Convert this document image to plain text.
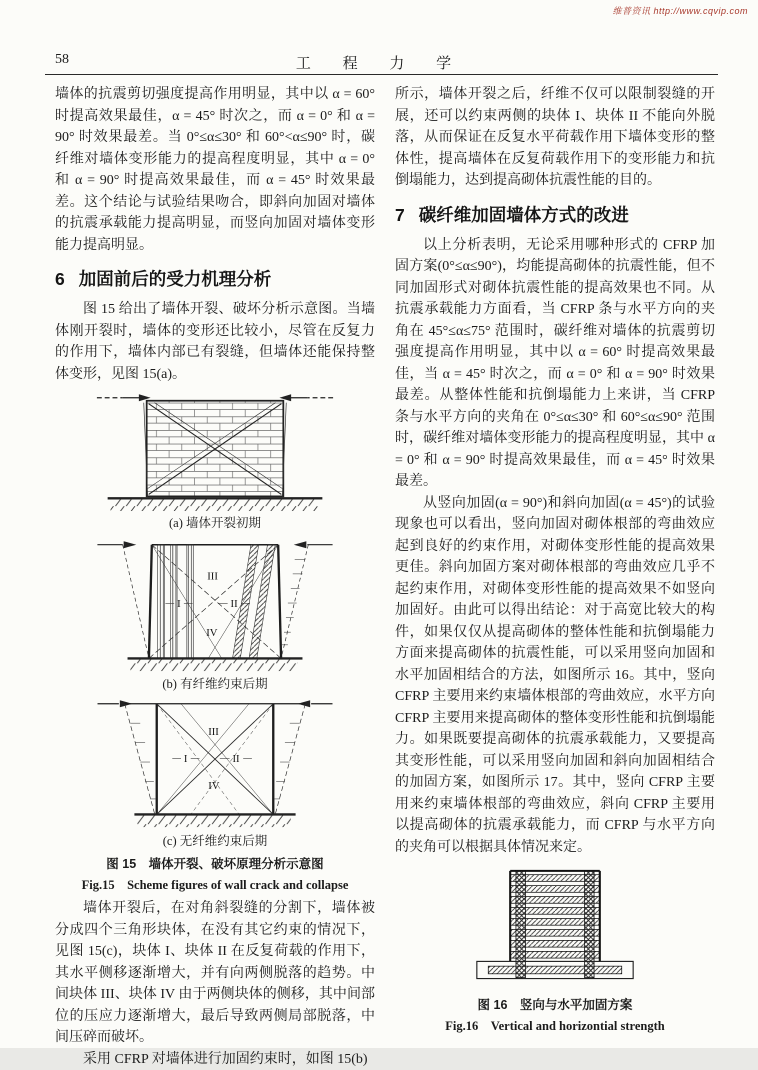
维普资讯 http://www.cqvip.com
58	工 程 力 学

墙体的抗震剪切强度提高作用明显，其中以 α = 60° 时提高效果最佳，α = 45° 时次之，而 α = 0° 和 α = 90° 时效果最差。当 0°≤α≤30° 和 60°<α≤90° 时，碳纤维对墙体变形能力的提高程度明显，其中 α = 0° 和 α = 90° 时提高效果最佳，而 α = 45° 时效果最差。这个结论与试验结果吻合，即斜向加固对墙体的抗震承载能力提高明显，而竖向加固对墙体变形能力提高明显。

6 加固前后的受力机理分析

图 15 给出了墙体开裂、破坏分析示意图。当墙体刚开裂时，墙体的变形还比较小，尽管在反复力的作用下，墙体内部已有裂缝，但墙体还能保持整体变形，见图 15(a)。

(a) 墙体开裂初期
III
I	II
IV
(b) 有纤维约束后期
III
I	II
IV
(c) 无纤维约束后期
图 15　墙体开裂、破坏原理分析示意图
Fig.15　Scheme figures of wall crack and collapse

墙体开裂后，在对角斜裂缝的分割下，墙体被分成四个三角形块体，在没有其它约束的情况下，见图 15(c)，块体 I、块体 II 在反复荷载的作用下，其水平侧移逐渐增大，并有向两侧脱落的趋势。中间块体 III、块体 IV 由于两侧块体的侧移，其中间部位的压应力逐渐增大，最后导致两侧局部脱落，中间压碎而破坏。

采用 CFRP 对墙体进行加固约束时，如图 15(b)

所示，墙体开裂之后，纤维不仅可以限制裂缝的开展，还可以约束两侧的块体 I、块体 II 不能向外脱落，从而保证在反复水平荷载作用下墙体变形的整体性，提高墙体在反复荷载作用下的变形能力和抗倒塌能力，达到提高砌体抗震性能的目的。

7 碳纤维加固墙体方式的改进

以上分析表明，无论采用哪种形式的 CFRP 加固方案(0°≤α≤90°)，均能提高砌体的抗震性能，但不同加固形式对砌体抗震性能的提高效果也不同。从抗震承载能力方面看，当 CFRP 条与水平方向的夹角在 45°≤α≤75° 范围时，碳纤维对墙体的抗震剪切强度提高作用明显，其中以 α = 60° 时提高效果最佳，当 α = 45° 时次之，而 α = 0° 和 α = 90° 时效果最差。从整体性能和抗倒塌能力上来讲，当 CFRP 条与水平方向的夹角在 0°≤α≤30° 和 60°≤α≤90° 范围时，碳纤维对墙体变形能力的提高程度明显，其中 α = 0° 和 α = 90° 时提高效果最佳，而 α = 45° 时效果最差。

从竖向加固(α = 90°)和斜向加固(α = 45°)的试验现象也可以看出，竖向加固对砌体根部的弯曲效应起到良好的约束作用，对砌体变形性能的提高效果更佳。斜向加固方案对砌体根部的弯曲效应几乎不起约束作用，对砌体变形性能的提高效果不如竖向加固好。由此可以得出结论：对于高宽比较大的构件，如果仅仅从提高砌体的整体性能和抗倒塌能力方面来提高砌体的抗震性能，可以采用竖向加固和水平加固相结合的方法，如图所示 16。其中，竖向 CFRP 主要用来约束墙体根部的弯曲效应，水平方向 CFRP 主要用来提高砌体的整体变形性能和抗倒塌能力。如果既要提高砌体的抗震承载能力，又要提高其变形性能，可以采用竖向加固和斜向加固相结合的加固方案，如图所示 17。其中，竖向 CFRP 主要用来约束墙体根部的弯曲效应，斜向 CFRP 主要用以提高砌体的抗震承载能力，而 CFRP 与水平方向的夹角可以根据具体情况来定。

图 16　竖向与水平加固方案
Fig.16　Vertical and horizontial strength
